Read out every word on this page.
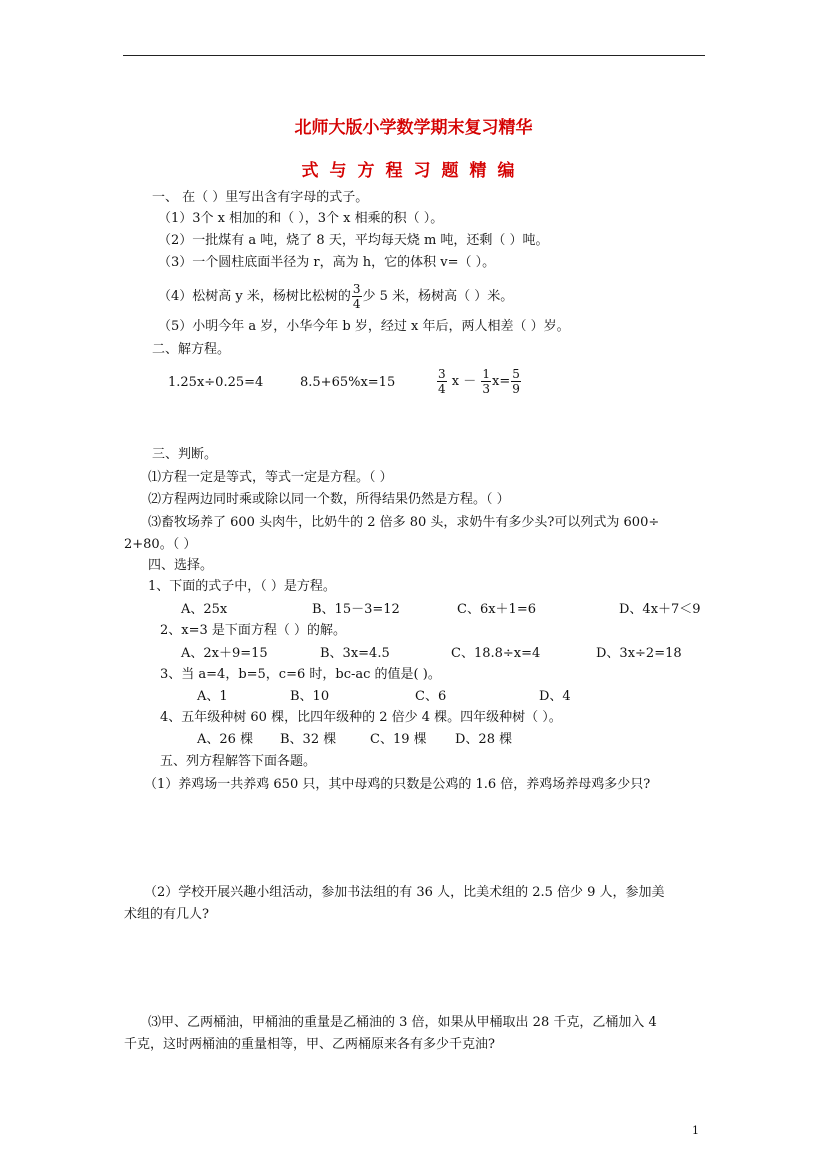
北师大版小学数学期末复习精华
式与方程习题精编
一、 在（ ）里写出含有字母的式子。
（1）3个 x 相加的和（ ），3个 x 相乘的积（ ）。
（2）一批煤有 a 吨，烧了 8 天，平均每天烧 m 吨，还剩（ ）吨。
（3）一个圆柱底面半径为 r，高为 h，它的体积 v=（ ）。
（4）松树高 y 米，杨树比松树的 $\frac{3}{4}$ 少 5 米，杨树高（ ）米。
（5）小明今年 a 岁，小华今年 b 岁，经过 x 年后，两人相差（ ）岁。
二、解方程。
1.25x÷0.25=4	8.5+65%x=15	$\frac{3}{4}$ $x - \frac{1}{3} x= \frac{5}{9}$
三、判断。
⑴方程一定是等式，等式一定是方程。（ ）
⑵方程两边同时乘或除以同一个数，所得结果仍然是方程。（ ）
⑶畜牧场养了 600 头肉牛，比奶牛的 2 倍多 80 头，求奶牛有多少头?可以列式为 600÷
2+80。（ ）
四、选择。
1、下面的式子中，（ ）是方程。
A、25x	B、15－3=12	C、6x＋1=6	D、4x＋7＜9
2、x=3 是下面方程（ ）的解。
A、2x＋9=15	B、3x=4.5	C、18.8÷x=4	D、3x÷2=18
3、当 a=4，b=5，c=6 时，bc-ac 的值是( )。
A、1	B、10	C、6	D、4
4、五年级种树 60 棵，比四年级种的 2 倍少 4 棵。四年级种树（ ）。
A、26 棵 B、32 棵	C、19 棵 D、28 棵
五、列方程解答下面各题。
（1）养鸡场一共养鸡 650 只，其中母鸡的只数是公鸡的 1.6 倍，养鸡场养母鸡多少只?
（2）学校开展兴趣小组活动，参加书法组的有 36 人，比美术组的 2.5 倍少 9 人，参加美
术组的有几人?
⑶甲、乙两桶油，甲桶油的重量是乙桶油的 3 倍，如果从甲桶取出 28 千克，乙桶加入 4
千克，这时两桶油的重量相等，甲、乙两桶原来各有多少千克油?
1
